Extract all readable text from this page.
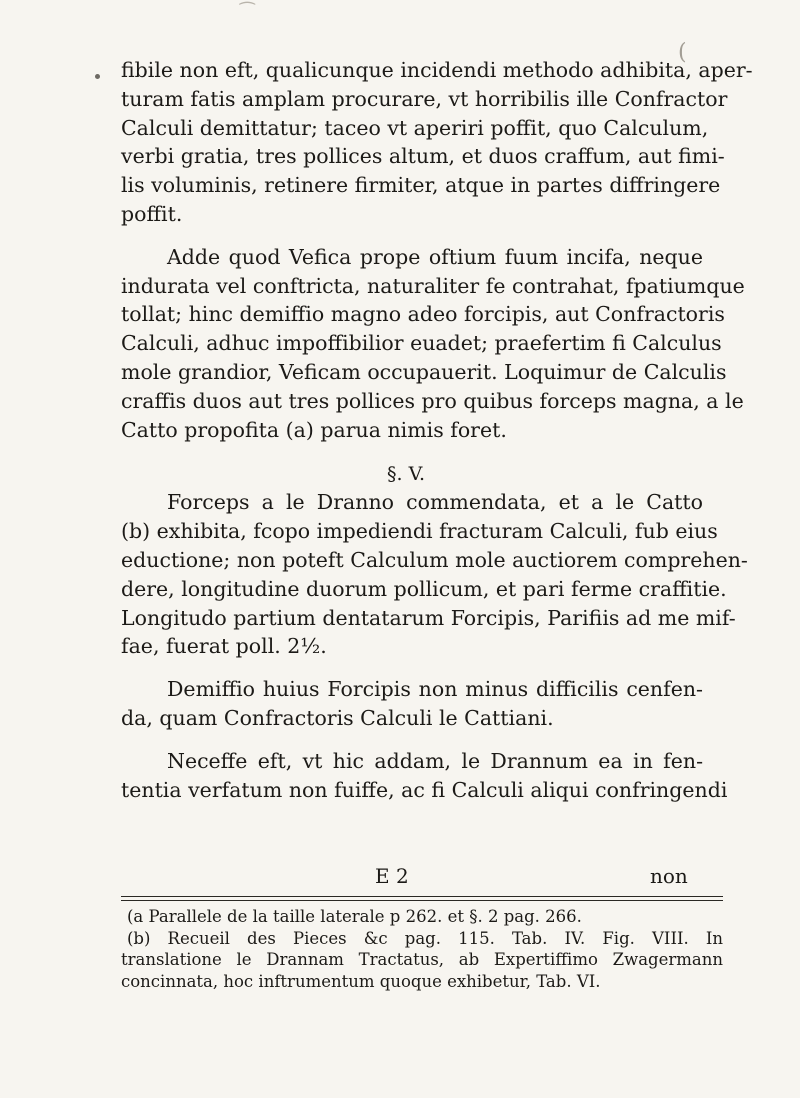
⁀
(
fibile non eft, qualicunque incidendi methodo adhibita, aper-
turam fatis amplam procurare, vt horribilis ille Confractor
Calculi demittatur; taceo vt aperiri poffit, quo Calculum,
verbi gratia, tres pollices altum, et duos craffum, aut fimi-
lis voluminis, retinere firmiter, atque in partes diffringere
poffit.
Adde quod Vefica prope oftium fuum incifa, neque
indurata vel conftricta, naturaliter fe contrahat, fpatiumque
tollat; hinc demiffio magno adeo forcipis, aut Confractoris
Calculi, adhuc impoffibilior euadet; praefertim fi Calculus
mole grandior, Veficam occupauerit. Loquimur de Calculis
craffis duos aut tres pollices pro quibus forceps magna, a le
Catto propofita (a) parua nimis foret.
§. V.
Forceps a le Dranno commendata, et a le Catto
(b) exhibita, fcopo impediendi fracturam Calculi, fub eius
eductione; non poteft Calculum mole auctiorem comprehen-
dere, longitudine duorum pollicum, et pari ferme craffitie.
Longitudo partium dentatarum Forcipis, Parifiis ad me mif-
fae, fuerat poll. 2½.
Demiffio huius Forcipis non minus difficilis cenfen-
da, quam Confractoris Calculi le Cattiani.
Neceffe eft, vt hic addam, le Drannum ea in fen-
tentia verfatum non fuiffe, ac fi Calculi aliqui confringendi
E 2	non
(a Parallele de la taille laterale p 262. et §. 2 pag. 266.
(b) Recueil des Pieces &c pag. 115. Tab. IV. Fig. VIII. In
translatione le Drannam Tractatus, ab Expertiffimo Zwagermann
concinnata, hoc inftrumentum quoque exhibetur, Tab. VI.
